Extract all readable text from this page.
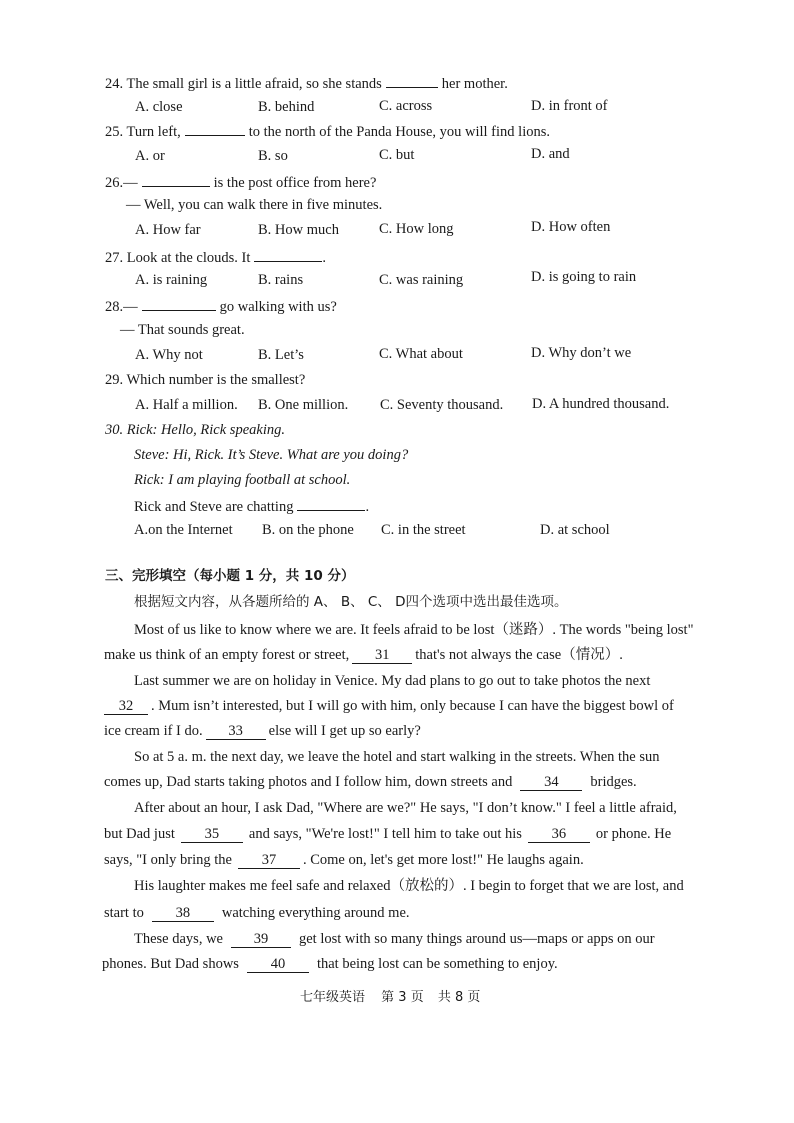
24. The small girl is a little afraid, so she stands	her mother.
A. close	B. behind	C. across	D. in front of
25. Turn left,	to the north of the Panda House, you will find lions.
A. or	B. so	C. but	D. and
26.—	is the post office from here?
— Well, you can walk there in five minutes.
A. How far	B. How much	C. How long	D. How often
27. Look at the clouds. It	.
A. is raining	B. rains	C. was raining	D. is going to rain
28.—	go walking with us?
— That sounds great.
A. Why not	B. Let’s	C. What about	D. Why don’t we
29. Which number is the smallest?
A. Half a million. B. One million. C. Seventy thousand. D. A hundred thousand.
30. Rick: Hello, Rick speaking.
Steve: Hi, Rick. It’s Steve. What are you doing?
Rick: I am playing football at school.
Rick and Steve are chatting	.
A.on the Internet B. on the phone C. in the street	D. at school
三、完形填空（每小题 1 分，共 10 分）
根据短文内容，从各题所给的 A、 B、 C、 D四个选项中选出最佳选项。
Most of us like to know where we are. It feels afraid to be lost（迷路）. The words "being lost"
make us think of an empty forest or street, 31 that's not always the case（情况）.
Last summer we are on holiday in Venice. My dad plans to go out to take photos the next
32 . Mum isn’t interested, but I will go with him, only because I can have the biggest bowl of
ice cream if I do. 33 else will I get up so early?
So at 5 a. m. the next day, we leave the hotel and start walking in the streets. When the sun
comes up, Dad starts taking photos and I follow him, down streets and 34 bridges.
After about an hour, I ask Dad, "Where are we?" He says, "I don’t know." I feel a little afraid,
but Dad just 35 and says, "We're lost!" I tell him to take out his 36 or phone. He
says, "I only bring the 37 . Come on, let's get more lost!" He laughs again.
His laughter makes me feel safe and relaxed（放松的）. I begin to forget that we are lost, and
start to 38 watching everything around me.
These days, we 39 get lost with so many things around us—maps or apps on our
phones. But Dad shows 40 that being lost can be something to enjoy.
七年级英语 第 3 页 共 8 页
